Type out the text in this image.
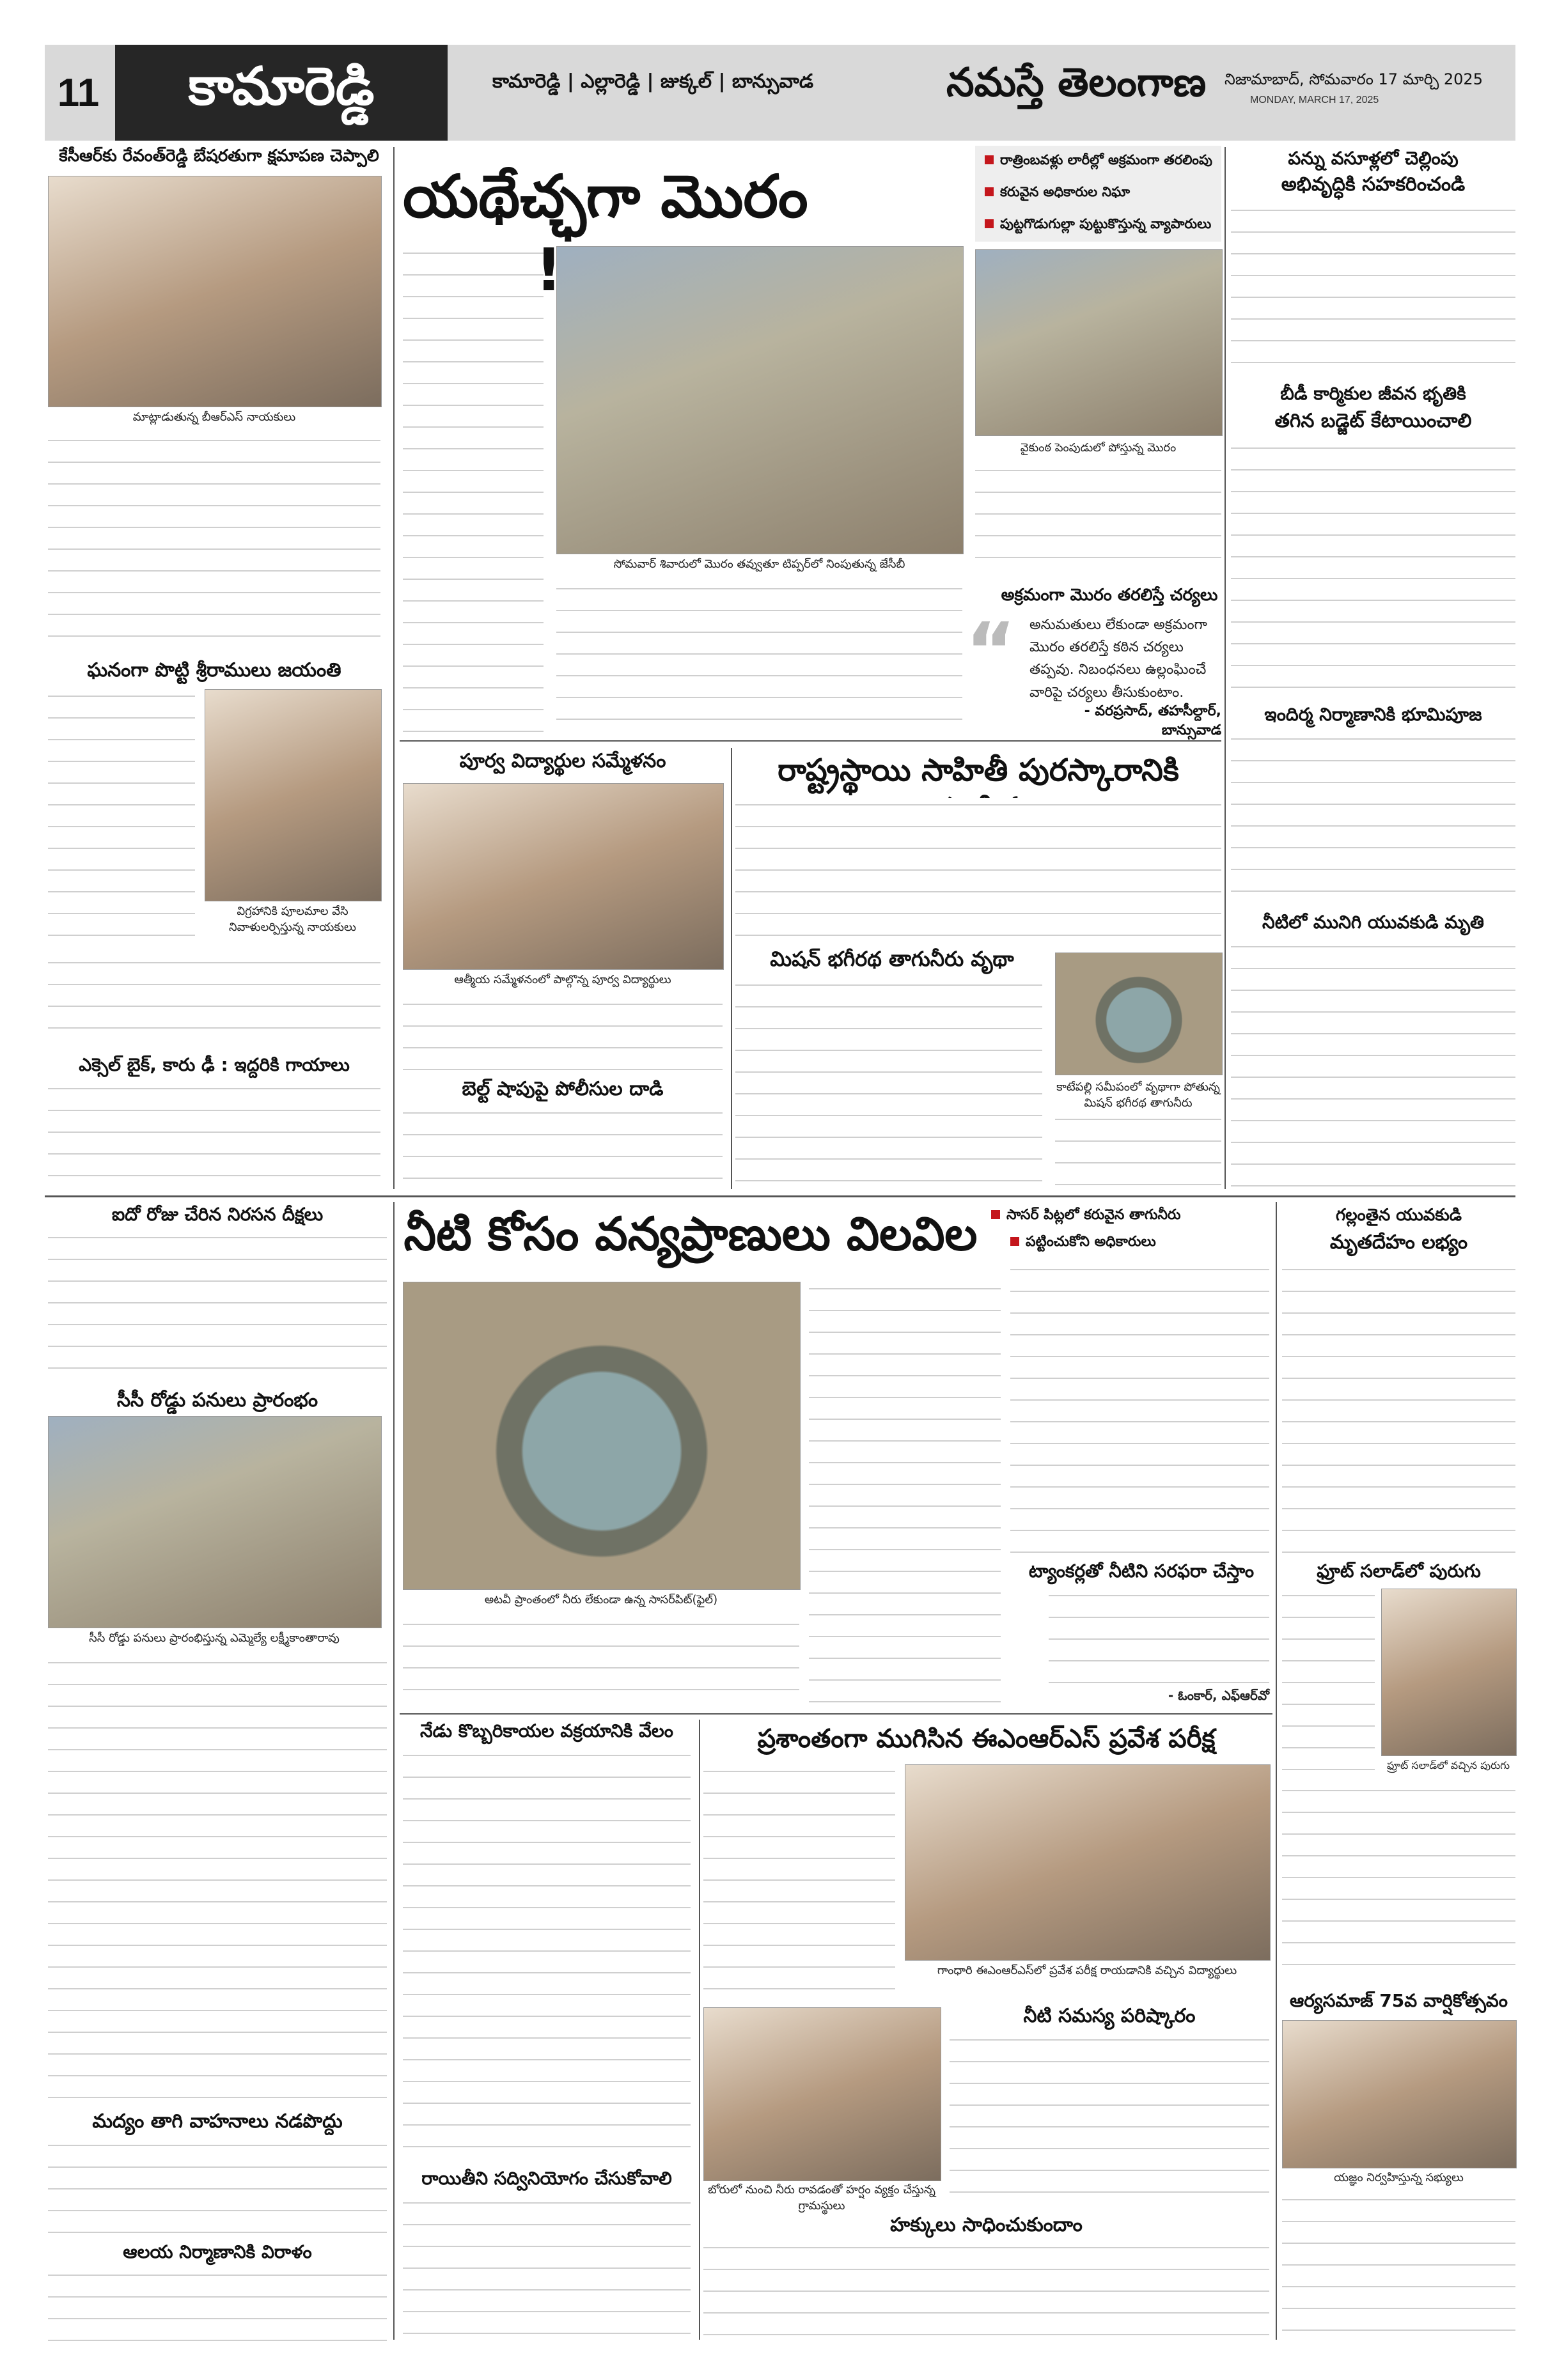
11	కామారెడ్డి	కామారెడ్డి | ఎల్లారెడ్డి | జుక్కల్ | బాన్సువాడ	నమస్తే తెలంగాణ నిజామాబాద్, సోమవారం 17 మార్చి 2025
MONDAY, MARCH 17, 2025
కేసీఆర్‌కు రేవంత్‌రెడ్డి బేషరతుగా క్షమాపణ చెప్పాలి
మాట్లాడుతున్న బీఆర్ఎస్ నాయకులు
ఘనంగా పొట్టి శ్రీరాములు జయంతి
విగ్రహానికి పూలమాల వేసి నివాళులర్పిస్తున్న నాయకులు
ఎక్సెల్ బైక్, కారు ఢీ : ఇద్దరికి గాయాలు
యథేచ్ఛగా మొరం
రాత్రింబవళ్లు లారీల్లో అక్రమంగా తరలింపు
కరువైన అధికారుల నిఘా
పుట్టగొడుగుల్లా పుట్టుకొస్తున్న వ్యాపారులు
సోమవార్ శివారులో మొరం తవ్వుతూ టిప్పర్‌లో నింపుతున్న జేసీబీ
వైకుంఠ పెంపుడులో పోస్తున్న మొరం
అక్రమంగా మొరం తరలిస్తే చర్యలు
“ అనుమతులు లేకుండా అక్రమంగా మొరం తరలిస్తే కఠిన చర్యలు తప్పవు. నిబంధనలు ఉల్లంఘించే వారిపై చర్యలు తీసుకుంటాం.
- వరప్రసాద్, తహసీల్దార్, బాన్సువాడ
పూర్వ విద్యార్థుల సమ్మేళనం
ఆత్మీయ సమ్మేళనంలో పాల్గొన్న పూర్వ విద్యార్థులు
బెల్ట్ షాపుపై పోలీసుల దాడి
రాష్ట్రస్థాయి సాహితీ పురస్కారానికి
మిషన్ భగీరథ తాగునీరు వృథా
కాటేపల్లి సమీపంలో వృథాగా పోతున్న మిషన్ భగీరథ తాగునీరు
పన్ను వసూళ్లలో చెల్లింపు
అభివృద్ధికి సహకరించండి
బీడీ కార్మికుల జీవన భృతికి
తగిన బడ్జెట్ కేటాయించాలి
ఇందిర్మ నిర్మాణానికి భూమిపూజ
నీటిలో మునిగి యువకుడి మృతి
ఐదో రోజు చేరిన నిరసన దీక్షలు
సీసీ రోడ్డు పనులు ప్రారంభం
సీసీ రోడ్డు పనులు ప్రారంభిస్తున్న ఎమ్మెల్యే లక్ష్మీకాంతారావు
మద్యం తాగి వాహనాలు నడపొద్దు
ఆలయ నిర్మాణానికి విరాళం
నీటి కోసం వన్యప్రాణులు విలవిల
అటవీ ప్రాంతంలో నీరు లేకుండా ఉన్న సాసర్‌పిట్(ఫైల్)
సాసర్ పిట్లలో కరువైన తాగునీరు
పట్టించుకోని అధికారులు
ట్యాంకర్లతో నీటిని సరఫరా చేస్తాం
- ఓంకార్, ఎఫ్‌ఆర్‌వో
నేడు కొబ్బరికాయల వక్రయానికి వేలం
రాయితీని సద్వినియోగం చేసుకోవాలి
ప్రశాంతంగా ముగిసిన ఈఎంఆర్ఎస్ ప్రవేశ పరీక్ష
గాంధారి ఈఎంఆర్ఎస్‌లో ప్రవేశ పరీక్ష రాయడానికి వచ్చిన విద్యార్థులు
బోరులో నుంచి నీరు రావడంతో హర్షం వ్యక్తం చేస్తున్న గ్రామస్థులు
నీటి సమస్య పరిష్కారం
హక్కులు సాధించుకుందాం
గల్లంతైన యువకుడి
మృతదేహం లభ్యం
ఫ్రూట్ సలాడ్‌లో పురుగు
ఫ్రూట్ సలాడ్‌లో వచ్చిన పురుగు
ఆర్యసమాజ్ 75వ వార్షికోత్సవం
యజ్ఞం నిర్వహిస్తున్న సభ్యులు
